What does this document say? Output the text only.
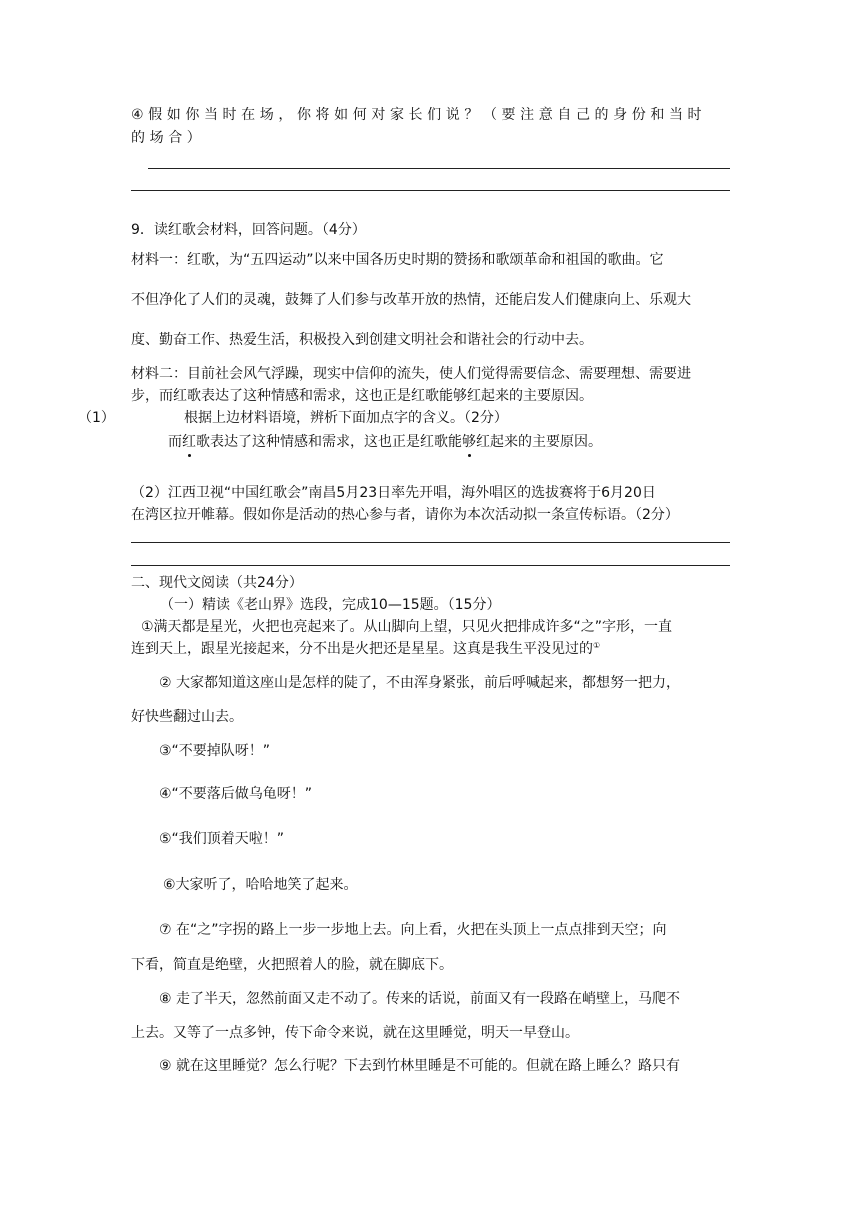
④假如你当时在场，你将如何对家长们说？（要注意自己的身份和当时
的场合）
9．读红歌会材料，回答问题。（4分）
材料一：红歌，为“五四运动”以来中国各历史时期的赞扬和歌颂革命和祖国的歌曲。它
不但净化了人们的灵魂，鼓舞了人们参与改革开放的热情，还能启发人们健康向上、乐观大
度、勤奋工作、热爱生活，积极投入到创建文明社会和谐社会的行动中去。
材料二：目前社会风气浮躁，现实中信仰的流失，使人们觉得需要信念、需要理想、需要进
步，而红歌表达了这种情感和需求，这也正是红歌能够红起来的主要原因。
（1）	根据上边材料语境，辨析下面加点字的含义。（2分）
而红歌表达了这种情感和需求，这也正是红歌能够红起来的主要原因。
（2）江西卫视“中国红歌会”南昌5月23日率先开唱，海外唱区的选拔赛将于6月20日
在湾区拉开帷幕。假如你是活动的热心参与者，请你为本次活动拟一条宣传标语。（2分）
二、现代文阅读（共24分）
（一）精读《老山界》选段，完成10—15题。（15分）
①满天都是星光，火把也亮起来了。从山脚向上望，只见火把排成许多“之”字形，一直
连到天上，跟星光接起来，分不出是火把还是星星。这真是我生平没见过的①
② 大家都知道这座山是怎样的陡了，不由浑身紧张，前后呼喊起来，都想努一把力，
好快些翻过山去。
③“不要掉队呀！”
④“不要落后做乌龟呀！”
⑤“我们顶着天啦！”
⑥大家听了，哈哈地笑了起来。
⑦ 在“之”字拐的路上一步一步地上去。向上看，火把在头顶上一点点排到天空；向
下看，简直是绝壁，火把照着人的脸，就在脚底下。
⑧ 走了半天，忽然前面又走不动了。传来的话说，前面又有一段路在峭壁上，马爬不
上去。又等了一点多钟，传下命令来说，就在这里睡觉，明天一早登山。
⑨ 就在这里睡觉？怎么行呢？下去到竹林里睡是不可能的。但就在路上睡么？路只有
